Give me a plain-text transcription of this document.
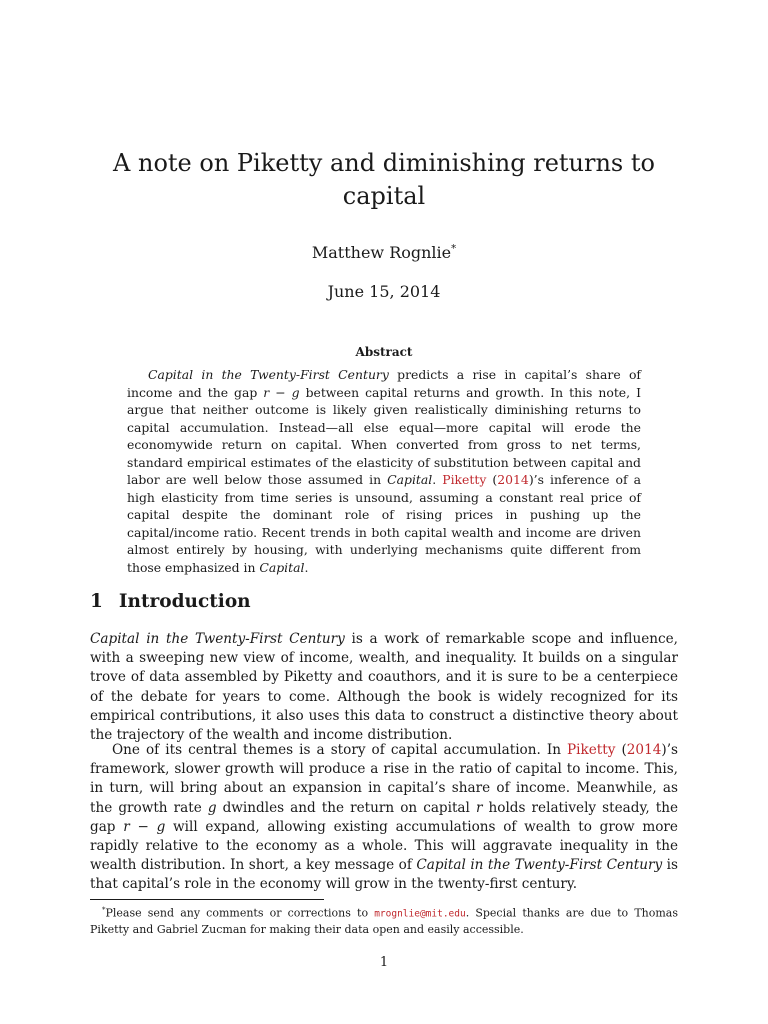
A note on Piketty and diminishing returns to capital
Matthew Rognlie*
June 15, 2014
Abstract

Capital in the Twenty-First Century predicts a rise in capital’s share of income and the gap r − g between capital returns and growth. In this note, I argue that neither outcome is likely given realistically diminishing returns to capital accumulation. Instead—all else equal—more capital will erode the economywide return on capital. When converted from gross to net terms, standard empirical estimates of the elasticity of substitution between capital and labor are well below those assumed in Capital. Piketty (2014)’s inference of a high elasticity from time series is unsound, assuming a constant real price of capital despite the dominant role of rising prices in pushing up the capital/income ratio. Recent trends in both capital wealth and income are driven almost entirely by housing, with underlying mechanisms quite different from those emphasized in Capital.

1 Introduction

Capital in the Twenty-First Century is a work of remarkable scope and influence, with a sweeping new view of income, wealth, and inequality. It builds on a singular trove of data assembled by Piketty and coauthors, and it is sure to be a centerpiece of the debate for years to come. Although the book is widely recognized for its empirical contributions, it also uses this data to construct a distinctive theory about the trajectory of the wealth and income distribution.

One of its central themes is a story of capital accumulation. In Piketty (2014)’s framework, slower growth will produce a rise in the ratio of capital to income. This, in turn, will bring about an expansion in capital’s share of income. Meanwhile, as the growth rate g dwindles and the return on capital r holds relatively steady, the gap r − g will expand, allowing existing accumulations of wealth to grow more rapidly relative to the economy as a whole. This will aggravate inequality in the wealth distribution. In short, a key message of Capital in the Twenty-First Century is that capital’s role in the economy will grow in the twenty-first century.

*Please send any comments or corrections to mrognlie@mit.edu. Special thanks are due to Thomas Piketty and Gabriel Zucman for making their data open and easily accessible.

1
